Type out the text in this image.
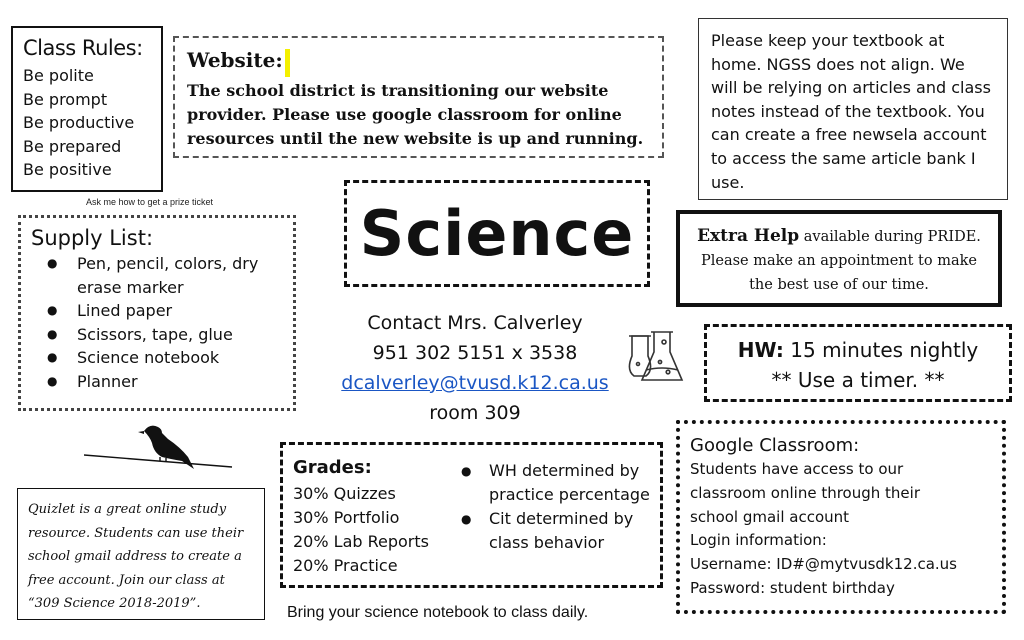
Class Rules:
Be polite
Be prompt
Be productive
Be prepared
Be positive
Ask me how to get a prize ticket
Website:
The school district is transitioning our website provider. Please use google classroom for online resources until the new website is up and running.
Please keep your textbook at home. NGSS does not align. We will be relying on articles and class notes instead of the textbook. You can create a free newsela account to access the same article bank I use.
Science	Extra Help available during PRIDE. Please make an appointment to make the best use of our time.
Supply List:
● Pen, pencil, colors, dry erase marker
● Lined paper
● Scissors, tape, glue
● Science notebook
● Planner
Contact Mrs. Calverley
951 302 5151 x 3538
dcalverley@tvusd.k12.ca.us
room 309
HW: 15 minutes nightly
** Use a timer. **
Grades:
30% Quizzes
30% Portfolio
20% Lab Reports
20% Practice
● WH determined by practice percentage
● Cit determined by class behavior
Google Classroom:
Students have access to our
classroom online through their
school gmail account
Login information:
Username: ID#@mytvusdk12.ca.us
Password: student birthday
Quizlet is a great online study resource. Students can use their school gmail address to create a free account. Join our class at “309 Science 2018-2019”.
Bring your science notebook to class daily.
